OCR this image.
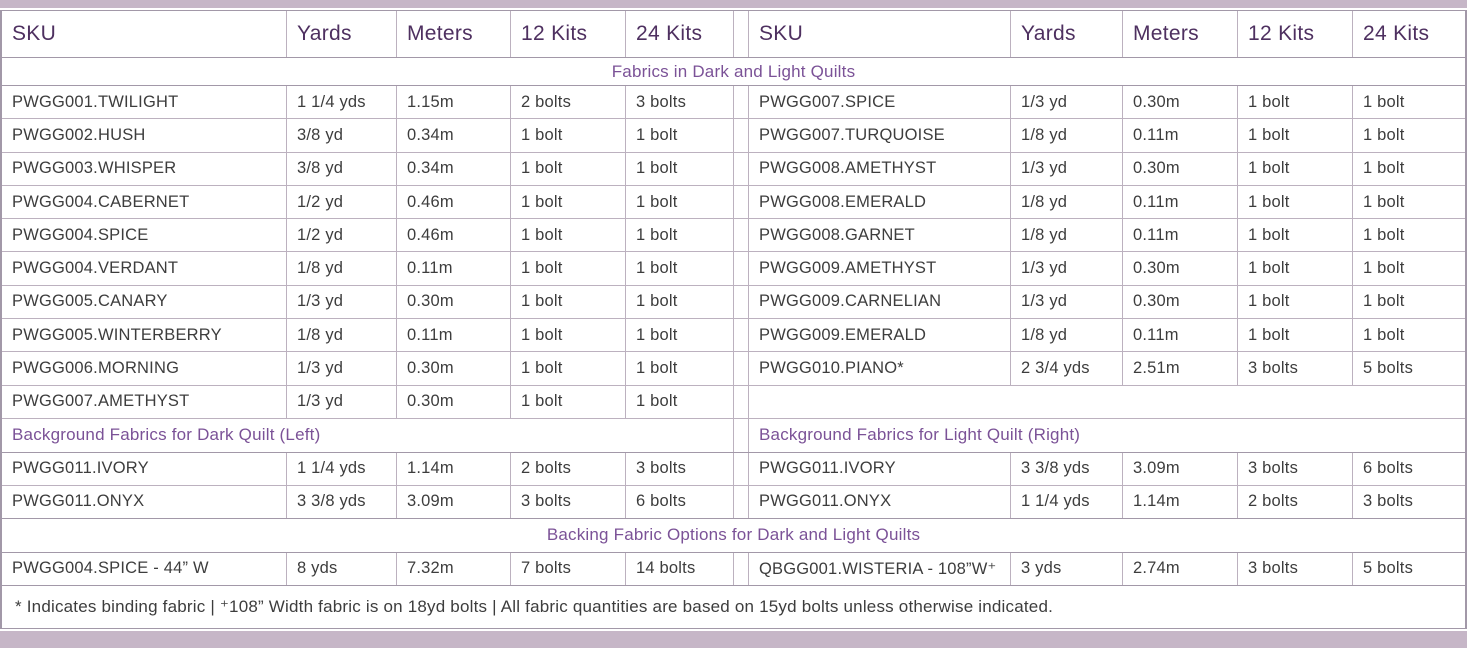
SKU	Yards	Meters	12 Kits	24 Kits	SKU	Yards	Meters	12 Kits	24 Kits
Fabrics in Dark and Light Quilts
PWGG001.TWILIGHT	1 1/4 yds	1.15m	2 bolts	3 bolts	PWGG007.SPICE	1/3 yd	0.30m	1 bolt	1 bolt
PWGG002.HUSH	3/8 yd	0.34m	1 bolt	1 bolt	PWGG007.TURQUOISE	1/8 yd	0.11m	1 bolt	1 bolt
PWGG003.WHISPER	3/8 yd	0.34m	1 bolt	1 bolt	PWGG008.AMETHYST	1/3 yd	0.30m	1 bolt	1 bolt
PWGG004.CABERNET	1/2 yd	0.46m	1 bolt	1 bolt	PWGG008.EMERALD	1/8 yd	0.11m	1 bolt	1 bolt
PWGG004.SPICE	1/2 yd	0.46m	1 bolt	1 bolt	PWGG008.GARNET	1/8 yd	0.11m	1 bolt	1 bolt
PWGG004.VERDANT	1/8 yd	0.11m	1 bolt	1 bolt	PWGG009.AMETHYST	1/3 yd	0.30m	1 bolt	1 bolt
PWGG005.CANARY	1/3 yd	0.30m	1 bolt	1 bolt	PWGG009.CARNELIAN	1/3 yd	0.30m	1 bolt	1 bolt
PWGG005.WINTERBERRY	1/8 yd	0.11m	1 bolt	1 bolt	PWGG009.EMERALD	1/8 yd	0.11m	1 bolt	1 bolt
PWGG006.MORNING	1/3 yd	0.30m	1 bolt	1 bolt	PWGG010.PIANO*	2 3/4 yds	2.51m	3 bolts	5 bolts
PWGG007.AMETHYST	1/3 yd	0.30m	1 bolt	1 bolt
Background Fabrics for Dark Quilt (Left)	Background Fabrics for Light Quilt (Right)
PWGG011.IVORY	1 1/4 yds	1.14m	2 bolts	3 bolts	PWGG011.IVORY	3 3/8 yds	3.09m	3 bolts	6 bolts
PWGG011.ONYX	3 3/8 yds	3.09m	3 bolts	6 bolts	PWGG011.ONYX	1 1/4 yds	1.14m	2 bolts	3 bolts
Backing Fabric Options for Dark and Light Quilts
PWGG004.SPICE - 44” W	8 yds	7.32m	7 bolts	14 bolts	QBGG001.WISTERIA - 108”W⁺	3 yds	2.74m	3 bolts	5 bolts
* Indicates binding fabric | ⁺108” Width fabric is on 18yd bolts | All fabric quantities are based on 15yd bolts unless otherwise indicated.
